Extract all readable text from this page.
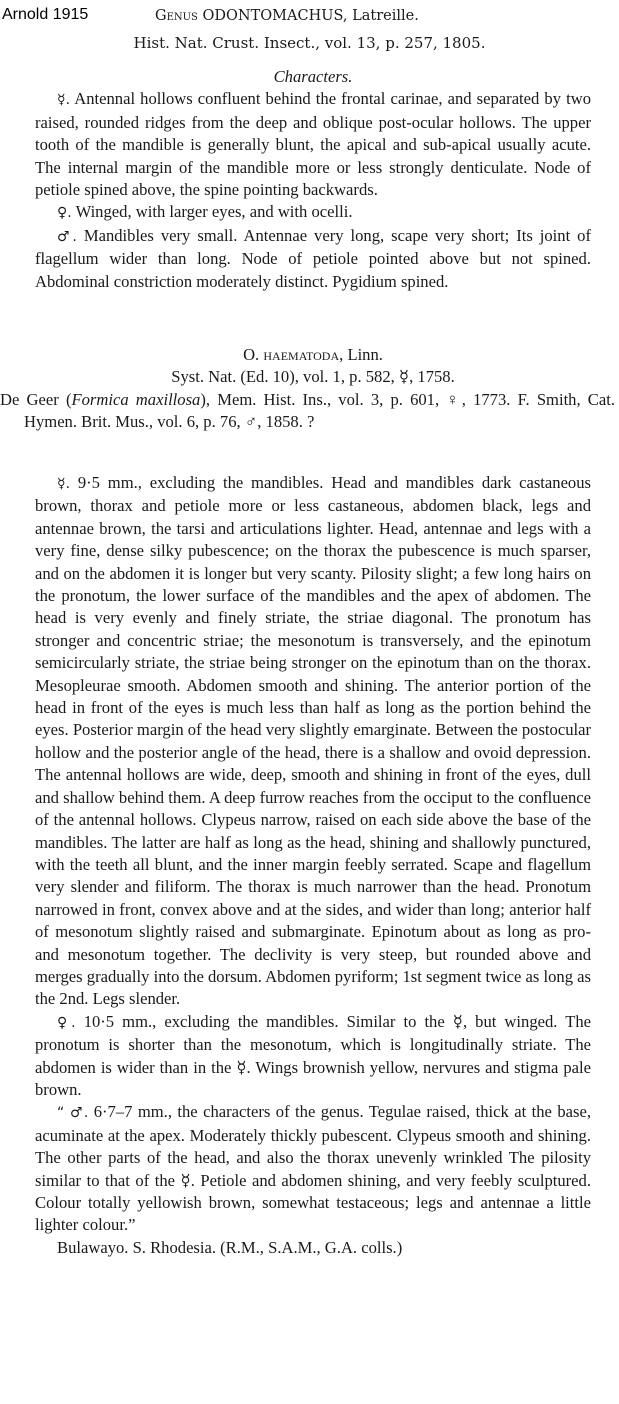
Arnold 1915	Genus ODONTOMACHUS, Latreille.
Hist. Nat. Crust. Insect., vol. 13, p. 257, 1805.

Characters.

☿. Antennal hollows confluent behind the frontal carinae, and separated by two raised, rounded ridges from the deep and oblique post-ocular hollows. The upper tooth of the mandible is generally blunt, the apical and sub-apical usually acute. The internal margin of the mandible more or less strongly denticulate. Node of petiole spined above, the spine pointing backwards.

♀. Winged, with larger eyes, and with ocelli.

♂. Mandibles very small. Antennae very long, scape very short; Its joint of flagellum wider than long. Node of petiole pointed above but not spined. Abdominal constriction moderately distinct. Pygidium spined.

O. haematoda, Linn.

Syst. Nat. (Ed. 10), vol. 1, p. 582, ☿, 1758.

De Geer (Formica maxillosa), Mem. Hist. Ins., vol. 3, p. 601, ♀, 1773. F. Smith, Cat. Hymen. Brit. Mus., vol. 6, p. 76, ♂, 1858. ?

☿. 9·5 mm., excluding the mandibles. Head and mandibles dark castaneous brown, thorax and petiole more or less castaneous, abdomen black, legs and antennae brown, the tarsi and articulations lighter. Head, antennae and legs with a very fine, dense silky pubescence; on the thorax the pubescence is much sparser, and on the abdomen it is longer but very scanty. Pilosity slight; a few long hairs on the pronotum, the lower surface of the mandibles and the apex of abdomen. The head is very evenly and finely striate, the striae diagonal. The pronotum has stronger and concentric striae; the mesonotum is transversely, and the epinotum semicircularly striate, the striae being stronger on the epinotum than on the thorax. Mesopleurae smooth. Abdomen smooth and shining. The anterior portion of the head in front of the eyes is much less than half as long as the portion behind the eyes. Posterior margin of the head very slightly emarginate. Between the postocular hollow and the posterior angle of the head, there is a shallow and ovoid depression. The antennal hollows are wide, deep, smooth and shining in front of the eyes, dull and shallow behind them. A deep furrow reaches from the occiput to the confluence of the antennal hollows. Clypeus narrow, raised on each side above the base of the mandibles. The latter are half as long as the head, shining and shallowly punctured, with the teeth all blunt, and the inner margin feebly serrated. Scape and flagellum very slender and filiform. The thorax is much narrower than the head. Pronotum narrowed in front, convex above and at the sides, and wider than long; anterior half of mesonotum slightly raised and submarginate. Epinotum about as long as pro- and mesonotum together. The declivity is very steep, but rounded above and merges gradually into the dorsum. Abdomen pyriform; 1st segment twice as long as the 2nd. Legs slender.

♀. 10·5 mm., excluding the mandibles. Similar to the ☿, but winged. The pronotum is shorter than the mesonotum, which is longitudinally striate. The abdomen is wider than in the ☿. Wings brownish yellow, nervures and stigma pale brown.

“ ♂. 6·7–7 mm., the characters of the genus. Tegulae raised, thick at the base, acuminate at the apex. Moderately thickly pubescent. Clypeus smooth and shining. The other parts of the head, and also the thorax unevenly wrinkled The pilosity similar to that of the ☿. Petiole and abdomen shining, and very feebly sculptured. Colour totally yellowish brown, somewhat testaceous; legs and antennae a little lighter colour.”

Bulawayo. S. Rhodesia. (R.M., S.A.M., G.A. colls.)
